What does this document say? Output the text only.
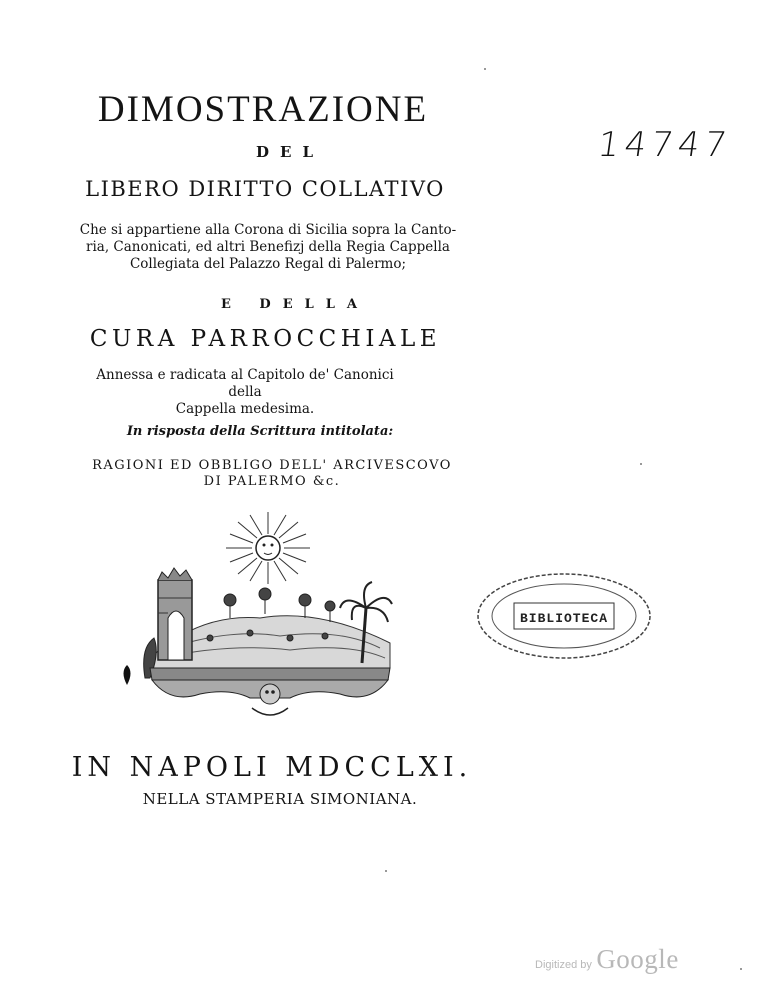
DIMOSTRAZIONE
DEL
LIBERO DIRITTO COLLATIVO
Che si appartiene alla Corona di Sicilia sopra la Canto-
ria, Canonicati, ed altri Benefizj della Regia Cappella
Collegiata del Palazzo Regal di Palermo;
E DELLA
CURA PARROCCHIALE
Annessa e radicata al Capitolo de' Canonici della
Cappella medesima.
In risposta della Scrittura intitolata:
RAGIONI ED OBBLIGO DELL' ARCIVESCOVO
DI PALERMO &c.
14747
BIBLIOTECA
IN NAPOLI MDCCLXI.
NELLA STAMPERIA SIMONIANA.
Digitized by Google
